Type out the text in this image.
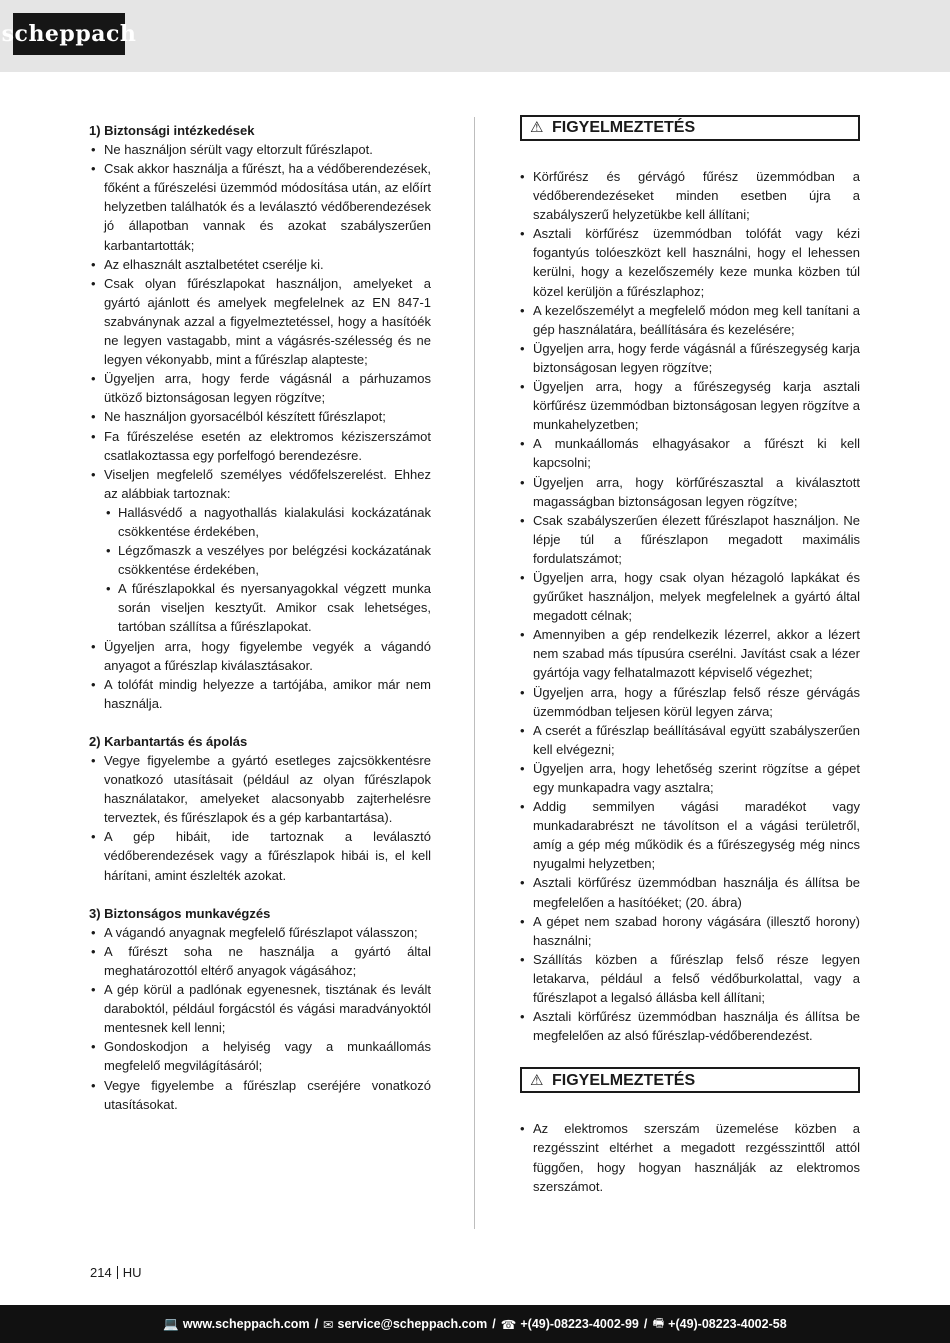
scheppach

1) Biztonsági intézkedések

• Ne használjon sérült vagy eltorzult fűrészlapot.
• Csak akkor használja a fűrészt, ha a védőberendezések, főként a fűrészelési üzemmód módosítása után, az előírt helyzetben találhatók és a leválasztó védőberendezések jó állapotban vannak és azokat szabályszerűen karbantartották;
• Az elhasznált asztalbetétet cserélje ki.
• Csak olyan fűrészlapokat használjon, amelyeket a gyártó ajánlott és amelyek megfelelnek az EN 847-1 szabványnak azzal a figyelmeztetéssel, hogy a hasítóék ne legyen vastagabb, mint a vágásrés-szélesség és ne legyen vékonyabb, mint a fűrészlap alapteste;
• Ügyeljen arra, hogy ferde vágásnál a párhuzamos ütköző biztonságosan legyen rögzítve;
• Ne használjon gyorsacélból készített fűrészlapot;
• Fa fűrészelése esetén az elektromos kéziszerszámot csatlakoztassa egy porfelfogó berendezésre.
• Viseljen megfelelő személyes védőfelszerelést. Ehhez az alábbiak tartoznak:
• Hallásvédő a nagyothallás kialakulási kockázatának csökkentése érdekében,
• Légzőmaszk a veszélyes por belégzési kockázatának csökkentése érdekében,
• A fűrészlapokkal és nyersanyagokkal végzett munka során viseljen kesztyűt. Amikor csak lehetséges, tartóban szállítsa a fűrészlapokat.
• Ügyeljen arra, hogy figyelembe vegyék a vágandó anyagot a fűrészlap kiválasztásakor.
• A tolófát mindig helyezze a tartójába, amikor már nem használja.

2) Karbantartás és ápolás

• Vegye figyelembe a gyártó esetleges zajcsökkentésre vonatkozó utasításait (például az olyan fűrészlapok használatakor, amelyeket alacsonyabb zajterhelésre terveztek, és fűrészlapok és a gép karbantartása).
• A gép hibáit, ide tartoznak a leválasztó védőberendezések vagy a fűrészlapok hibái is, el kell hárítani, amint észlelték azokat.

3) Biztonságos munkavégzés

• A vágandó anyagnak megfelelő fűrészlapot válasszon;
• A fűrészt soha ne használja a gyártó által meghatározottól eltérő anyagok vágásához;
• A gép körül a padlónak egyenesnek, tisztának és levált daraboktól, például forgácstól és vágási maradványoktól mentesnek kell lenni;
• Gondoskodjon a helyiség vagy a munkaállomás megfelelő megvilágításáról;
• Vegye figyelembe a fűrészlap cseréjére vonatkozó utasításokat.
⚠ FIGYELMEZTETÉS
• Körfűrész és gérvágó fűrész üzemmódban a védőberendezéseket minden esetben újra a szabályszerű helyzetükbe kell állítani;
• Asztali körfűrész üzemmódban tolófát vagy kézi fogantyús tolóeszközt kell használni, hogy el lehessen kerülni, hogy a kezelőszemély keze munka közben túl közel kerüljön a fűrészlaphoz;
• A kezelőszemélyt a megfelelő módon meg kell tanítani a gép használatára, beállítására és kezelésére;
• Ügyeljen arra, hogy ferde vágásnál a fűrészegység karja biztonságosan legyen rögzítve;
• Ügyeljen arra, hogy a fűrészegység karja asztali körfűrész üzemmódban biztonságosan legyen rögzítve a munkahelyzetben;
• A munkaállomás elhagyásakor a fűrészt ki kell kapcsolni;
• Ügyeljen arra, hogy körfűrészasztal a kiválasztott magasságban biztonságosan legyen rögzítve;
• Csak szabályszerűen élezett fűrészlapot használjon. Ne lépje túl a fűrészlapon megadott maximális fordulatszámot;
• Ügyeljen arra, hogy csak olyan hézagoló lapkákat és gyűrűket használjon, melyek megfelelnek a gyártó által megadott célnak;
• Amennyiben a gép rendelkezik lézerrel, akkor a lézert nem szabad más típusúra cserélni. Javítást csak a lézer gyártója vagy felhatalmazott képviselő végezhet;
• Ügyeljen arra, hogy a fűrészlap felső része gérvágás üzemmódban teljesen körül legyen zárva;
• A cserét a fűrészlap beállításával együtt szabályszerűen kell elvégezni;
• Ügyeljen arra, hogy lehetőség szerint rögzítse a gépet egy munkapadra vagy asztalra;
• Addig semmilyen vágási maradékot vagy munkadarabrészt ne távolítson el a vágási területről, amíg a gép még működik és a fűrészegység még nincs nyugalmi helyzetben;
• Asztali körfűrész üzemmódban használja és állítsa be megfelelően a hasítóéket; (20. ábra)
• A gépet nem szabad horony vágására (illesztő horony) használni;
• Szállítás közben a fűrészlap felső része legyen letakarva, például a felső védőburkolattal, vagy a fűrészlapot a legalsó állásba kell állítani;
• Asztali körfűrész üzemmódban használja és állítsa be megfelelően az alsó fűrészlap-védőberendezést.
⚠ FIGYELMEZTETÉS
• Az elektromos szerszám üzemelése közben a rezgésszint eltérhet a megadott rezgésszinttől attól függően, hogy hogyan használják az elektromos szerszámot.
214 HU
💻 www.scheppach.com / ✉ service@scheppach.com / ☎ +(49)-08223-4002-99 / 🖷 +(49)-08223-4002-58
